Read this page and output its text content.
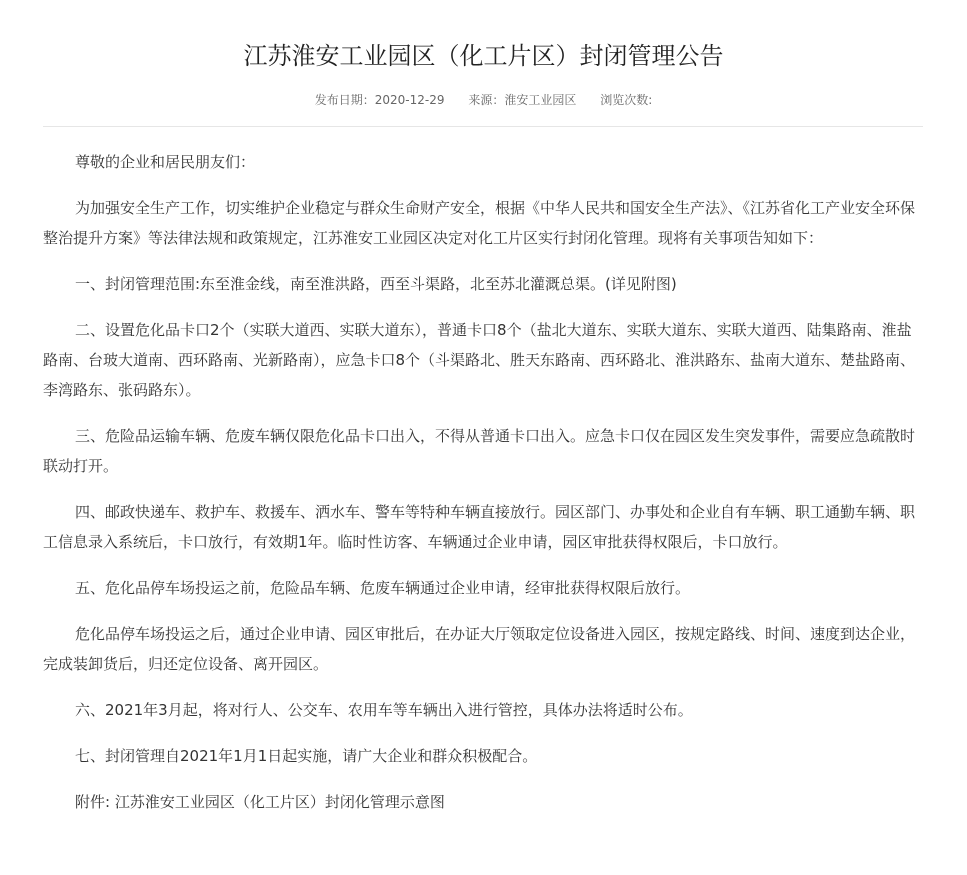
江苏淮安工业园区（化工片区）封闭管理公告
发布日期：2020-12-29 来源：淮安工业园区 浏览次数:

尊敬的企业和居民朋友们：

为加强安全生产工作，切实维护企业稳定与群众生命财产安全，根据《中华人民共和国安全生产法》、《江苏省化工产业安全环保整治提升方案》等法律法规和政策规定，江苏淮安工业园区决定对化工片区实行封闭化管理。现将有关事项告知如下：

一、封闭管理范围:东至淮金线，南至淮洪路，西至斗渠路，北至苏北灌溉总渠。(详见附图)

二、设置危化品卡口2个（实联大道西、实联大道东），普通卡口8个（盐北大道东、实联大道东、实联大道西、陆集路南、淮盐路南、台玻大道南、西环路南、光新路南），应急卡口8个（斗渠路北、胜天东路南、西环路北、淮洪路东、盐南大道东、楚盐路南、李湾路东、张码路东）。

三、危险品运输车辆、危废车辆仅限危化品卡口出入，不得从普通卡口出入。应急卡口仅在园区发生突发事件，需要应急疏散时联动打开。

四、邮政快递车、救护车、救援车、洒水车、警车等特种车辆直接放行。园区部门、办事处和企业自有车辆、职工通勤车辆、职工信息录入系统后，卡口放行，有效期1年。临时性访客、车辆通过企业申请，园区审批获得权限后，卡口放行。

五、危化品停车场投运之前，危险品车辆、危废车辆通过企业申请，经审批获得权限后放行。

危化品停车场投运之后，通过企业申请、园区审批后，在办证大厅领取定位设备进入园区，按规定路线、时间、速度到达企业，完成装卸货后，归还定位设备、离开园区。

六、2021年3月起，将对行人、公交车、农用车等车辆出入进行管控，具体办法将适时公布。

七、封闭管理自2021年1月1日起实施，请广大企业和群众积极配合。

附件: 江苏淮安工业园区（化工片区）封闭化管理示意图
